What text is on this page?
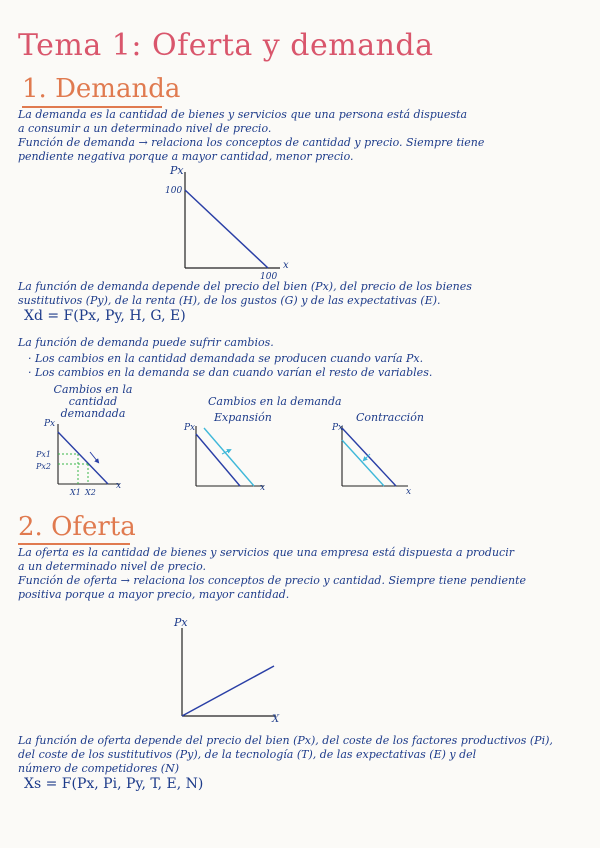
Tema 1: Oferta y demanda
1. Demanda
La demanda es la cantidad de bienes y servicios que una persona está dispuesta
a consumir a un determinado nivel de precio.
Función de demanda → relaciona los conceptos de cantidad y precio. Siempre tiene
pendiente negativa porque a mayor cantidad, menor precio.
Px
x
100
100
La función de demanda depende del precio del bien (Px), del precio de los bienes
sustitutivos (Py), de la renta (H), de los gustos (G) y de las expectativas (E).
Xd = F(Px, Py, H, G, E)
La función de demanda puede sufrir cambios.
· Los cambios en la cantidad demandada se producen cuando varía Px.
· Los cambios en la demanda se dan cuando varían el resto de variables.
Cambios en la
cantidad
demandada
Cambios en la demanda
Expansión	Contracción
Px
x
Px1
Px2
X1 X2
Px
x
Px
x
2. Oferta
La oferta es la cantidad de bienes y servicios que una empresa está dispuesta a producir
a un determinado nivel de precio.
Función de oferta → relaciona los conceptos de precio y cantidad. Siempre tiene pendiente
positiva porque a mayor precio, mayor cantidad.
Px
X
La función de oferta depende del precio del bien (Px), del coste de los factores productivos (Pi),
del coste de los sustitutivos (Py), de la tecnología (T), de las expectativas (E) y del
número de competidores (N)
Xs = F(Px, Pi, Py, T, E, N)
